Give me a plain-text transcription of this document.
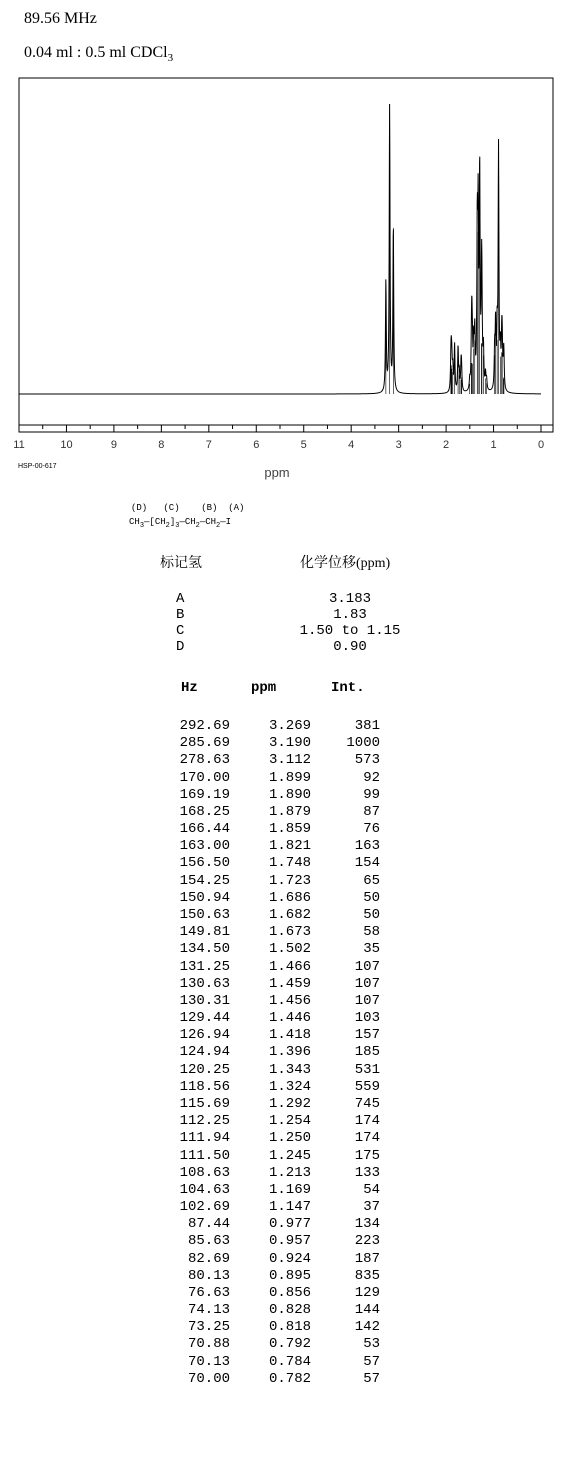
89.56 MHz
0.04 ml : 0.5 ml CDCl$_3$
11	10	9	8	7	6	5	4	3	2	1	0
ppm
HSP-00-617
(D)   (C)    (B)  (A)
$CH_3—[CH_2]_3—CH_2—CH_2—I$
标记氢	化学位移(ppm)
A	3.183
B	1.83
C	1.50 to 1.15
D	0.90
Hz	ppm	Int.
292.69	3.269	381
285.69	3.190	1000
278.63	3.112	573
170.00	1.899	92
169.19	1.890	99
168.25	1.879	87
166.44	1.859	76
163.00	1.821	163
156.50	1.748	154
154.25	1.723	65
150.94	1.686	50
150.63	1.682	50
149.81	1.673	58
134.50	1.502	35
131.25	1.466	107
130.63	1.459	107
130.31	1.456	107
129.44	1.446	103
126.94	1.418	157
124.94	1.396	185
120.25	1.343	531
118.56	1.324	559
115.69	1.292	745
112.25	1.254	174
111.94	1.250	174
111.50	1.245	175
108.63	1.213	133
104.63	1.169	54
102.69	1.147	37
87.44	0.977	134
85.63	0.957	223
82.69	0.924	187
80.13	0.895	835
76.63	0.856	129
74.13	0.828	144
73.25	0.818	142
70.88	0.792	53
70.13	0.784	57
70.00	0.782	57
